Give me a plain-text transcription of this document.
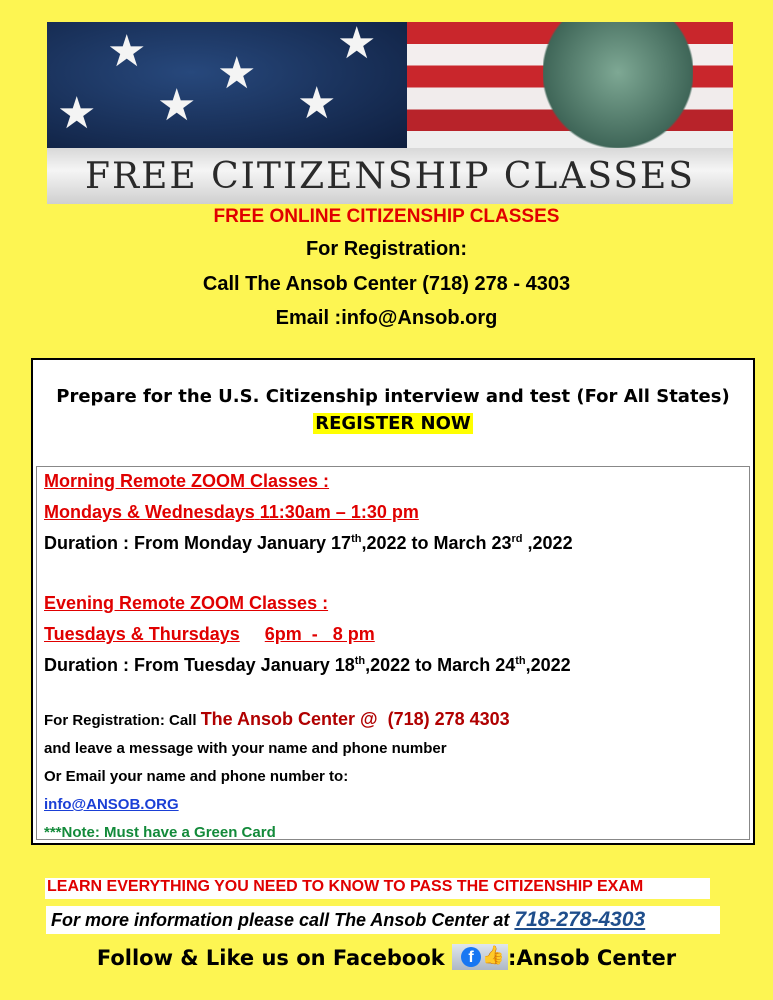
★ ★
★
★ ★
★
FREE CITIZENSHIP CLASSES
FREE ONLINE CITIZENSHIP CLASSES
For Registration:
Call The Ansob Center (718) 278 - 4303
Email :info@Ansob.org
Prepare for the U.S. Citizenship interview and test (For All States)
REGISTER NOW
Morning Remote ZOOM Classes :
Mondays & Wednesdays 11:30am – 1:30 pm
Duration : From Monday January 17th,2022 to March 23rd ,2022
Evening Remote ZOOM Classes :
Tuesdays & Thursdays 6pm  -   8 pm
Duration : From Tuesday January 18th,2022 to March 24th,2022
For Registration: Call The Ansob Center @  (718) 278 4303
and leave a message with your name and phone number
Or Email your name and phone number to:
info@ANSOB.ORG
***Note: Must have a Green Card
LEARN EVERYTHING YOU NEED TO KNOW TO PASS THE CITIZENSHIP EXAM
For more information please call The Ansob Center at 718-278-4303
Follow & Like us on Facebook	f 👍 :Ansob Center
